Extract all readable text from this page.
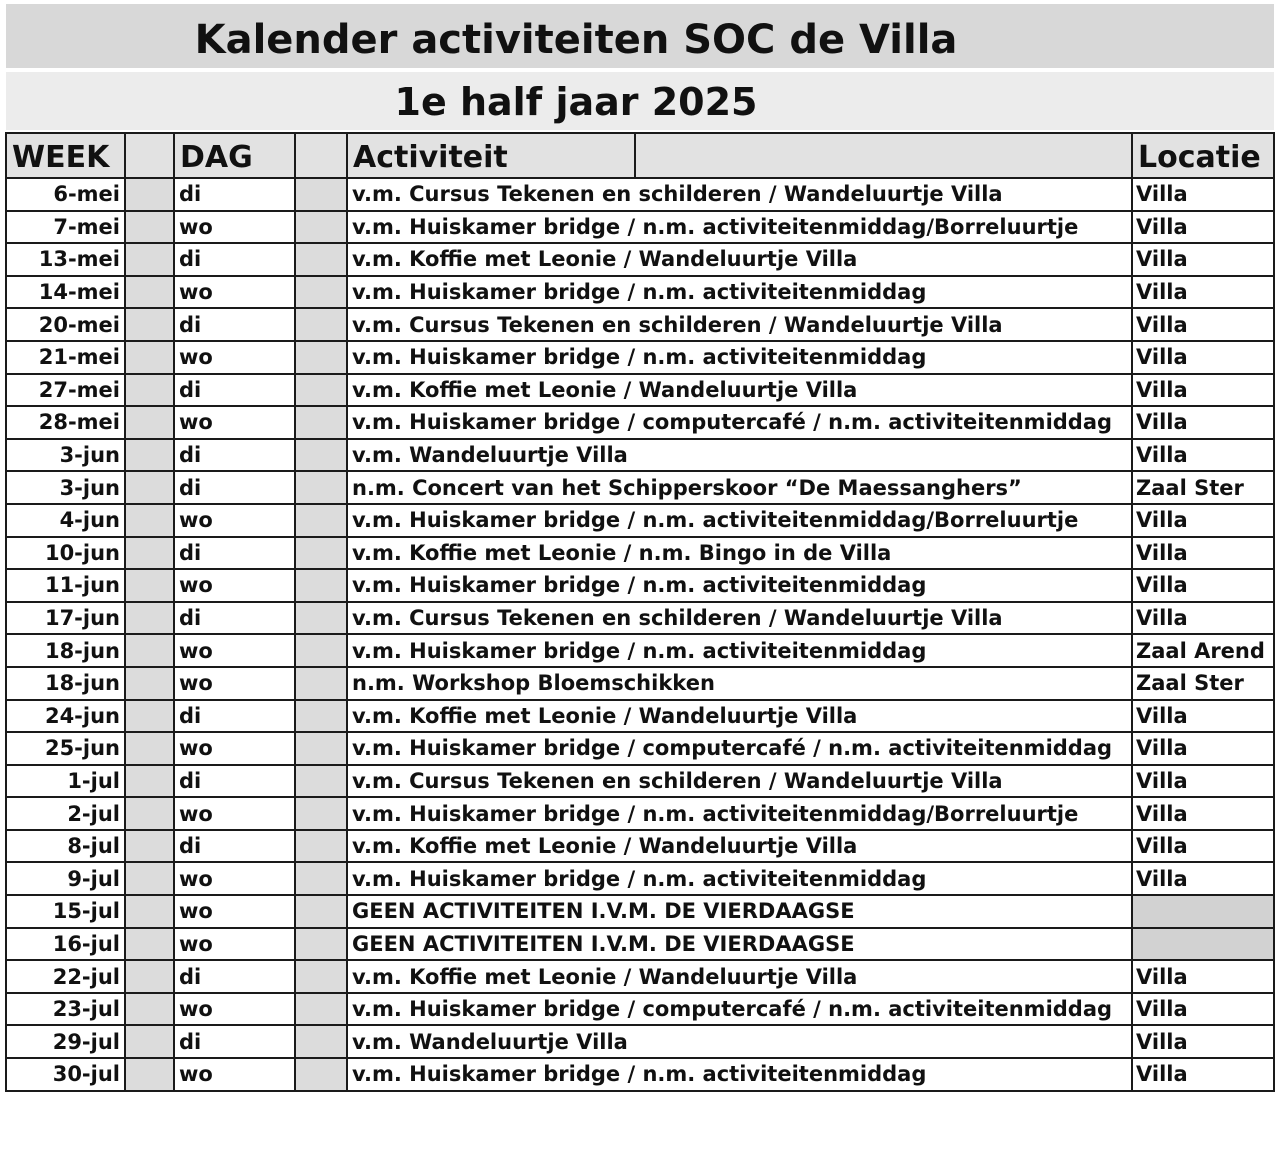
Kalender activiteiten SOC de Villa
1e half jaar 2025
WEEK		DAG		Activiteit	Locatie
6-mei		di		v.m. Cursus Tekenen en schilderen / Wandeluurtje Villa	Villa
7-mei		wo		v.m. Huiskamer bridge / n.m. activiteitenmiddag/Borreluurtje	Villa
13-mei		di		v.m. Koffie met Leonie / Wandeluurtje Villa	Villa
14-mei		wo		v.m. Huiskamer bridge / n.m. activiteitenmiddag	Villa
20-mei		di		v.m. Cursus Tekenen en schilderen / Wandeluurtje Villa	Villa
21-mei		wo		v.m. Huiskamer bridge / n.m. activiteitenmiddag	Villa
27-mei		di		v.m. Koffie met Leonie / Wandeluurtje Villa	Villa
28-mei		wo		v.m. Huiskamer bridge / computercafé / n.m. activiteitenmiddag	Villa
3-jun		di		v.m. Wandeluurtje Villa	Villa
3-jun		di		n.m. Concert van het Schipperskoor “De Maessanghers”	Zaal Ster
4-jun		wo		v.m. Huiskamer bridge / n.m. activiteitenmiddag/Borreluurtje	Villa
10-jun		di		v.m. Koffie met Leonie / n.m. Bingo in de Villa	Villa
11-jun		wo		v.m. Huiskamer bridge / n.m. activiteitenmiddag	Villa
17-jun		di		v.m. Cursus Tekenen en schilderen / Wandeluurtje Villa	Villa
18-jun		wo		v.m. Huiskamer bridge / n.m. activiteitenmiddag	Zaal Arend
18-jun		wo		n.m. Workshop Bloemschikken	Zaal Ster
24-jun		di		v.m. Koffie met Leonie / Wandeluurtje Villa	Villa
25-jun		wo		v.m. Huiskamer bridge / computercafé / n.m. activiteitenmiddag	Villa
1-jul		di		v.m. Cursus Tekenen en schilderen / Wandeluurtje Villa	Villa
2-jul		wo		v.m. Huiskamer bridge / n.m. activiteitenmiddag/Borreluurtje	Villa
8-jul		di		v.m. Koffie met Leonie / Wandeluurtje Villa	Villa
9-jul		wo		v.m. Huiskamer bridge / n.m. activiteitenmiddag	Villa
15-jul		wo		GEEN ACTIVITEITEN I.V.M. DE VIERDAAGSE	
16-jul		wo		GEEN ACTIVITEITEN I.V.M. DE VIERDAAGSE	
22-jul		di		v.m. Koffie met Leonie / Wandeluurtje Villa	Villa
23-jul		wo		v.m. Huiskamer bridge / computercafé / n.m. activiteitenmiddag	Villa
29-jul		di		v.m. Wandeluurtje Villa	Villa
30-jul		wo		v.m. Huiskamer bridge / n.m. activiteitenmiddag	Villa
